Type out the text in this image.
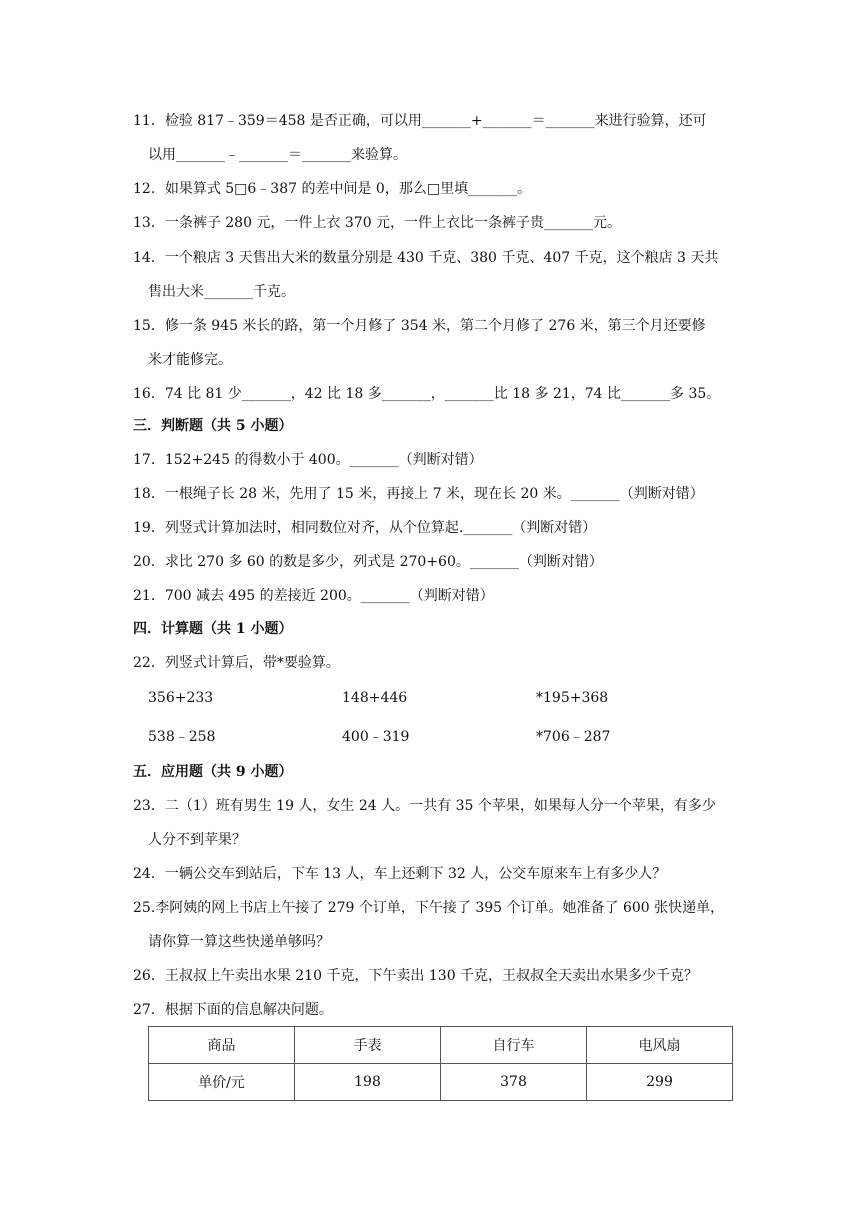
11．检验 817﹣359＝458 是否正确，可以用_______+_______＝_______来进行验算，还可
以用_______﹣_______＝_______来验算。
12．如果算式 5□6﹣387 的差中间是 0，那么□里填_______。
13．一条裤子 280 元，一件上衣 370 元，一件上衣比一条裤子贵_______元。
14．一个粮店 3 天售出大米的数量分别是 430 千克、380 千克、407 千克，这个粮店 3 天共
售出大米_______千克。
15．修一条 945 米长的路，第一个月修了 354 米，第二个月修了 276 米，第三个月还要修
米才能修完。
16．74 比 81 少_______，42 比 18 多_______，_______比 18 多 21，74 比_______多 35。
三．判断题（共 5 小题）
17．152+245 的得数小于 400。_______（判断对错）
18．一根绳子长 28 米，先用了 15 米，再接上 7 米，现在长 20 米。_______（判断对错）
19．列竖式计算加法时，相同数位对齐，从个位算起._______（判断对错）
20．求比 270 多 60 的数是多少，列式是 270+60。_______（判断对错）
21．700 减去 495 的差接近 200。_______（判断对错）
四．计算题（共 1 小题）
22．列竖式计算后，带*要验算。
356+233	148+446	*195+368
538﹣258	400﹣319	*706﹣287
五．应用题（共 9 小题）
23．二（1）班有男生 19 人，女生 24 人。一共有 35 个苹果，如果每人分一个苹果，有多少
人分不到苹果？
24．一辆公交车到站后，下车 13 人，车上还剩下 32 人，公交车原来车上有多少人？
25.李阿姨的网上书店上午接了 279 个订单，下午接了 395 个订单。她准备了 600 张快递单，
请你算一算这些快递单够吗？
26．王叔叔上午卖出水果 210 千克，下午卖出 130 千克，王叔叔全天卖出水果多少千克？
27．根据下面的信息解决问题。
商品	手表	自行车	电风扇
单价/元	198	378	299
